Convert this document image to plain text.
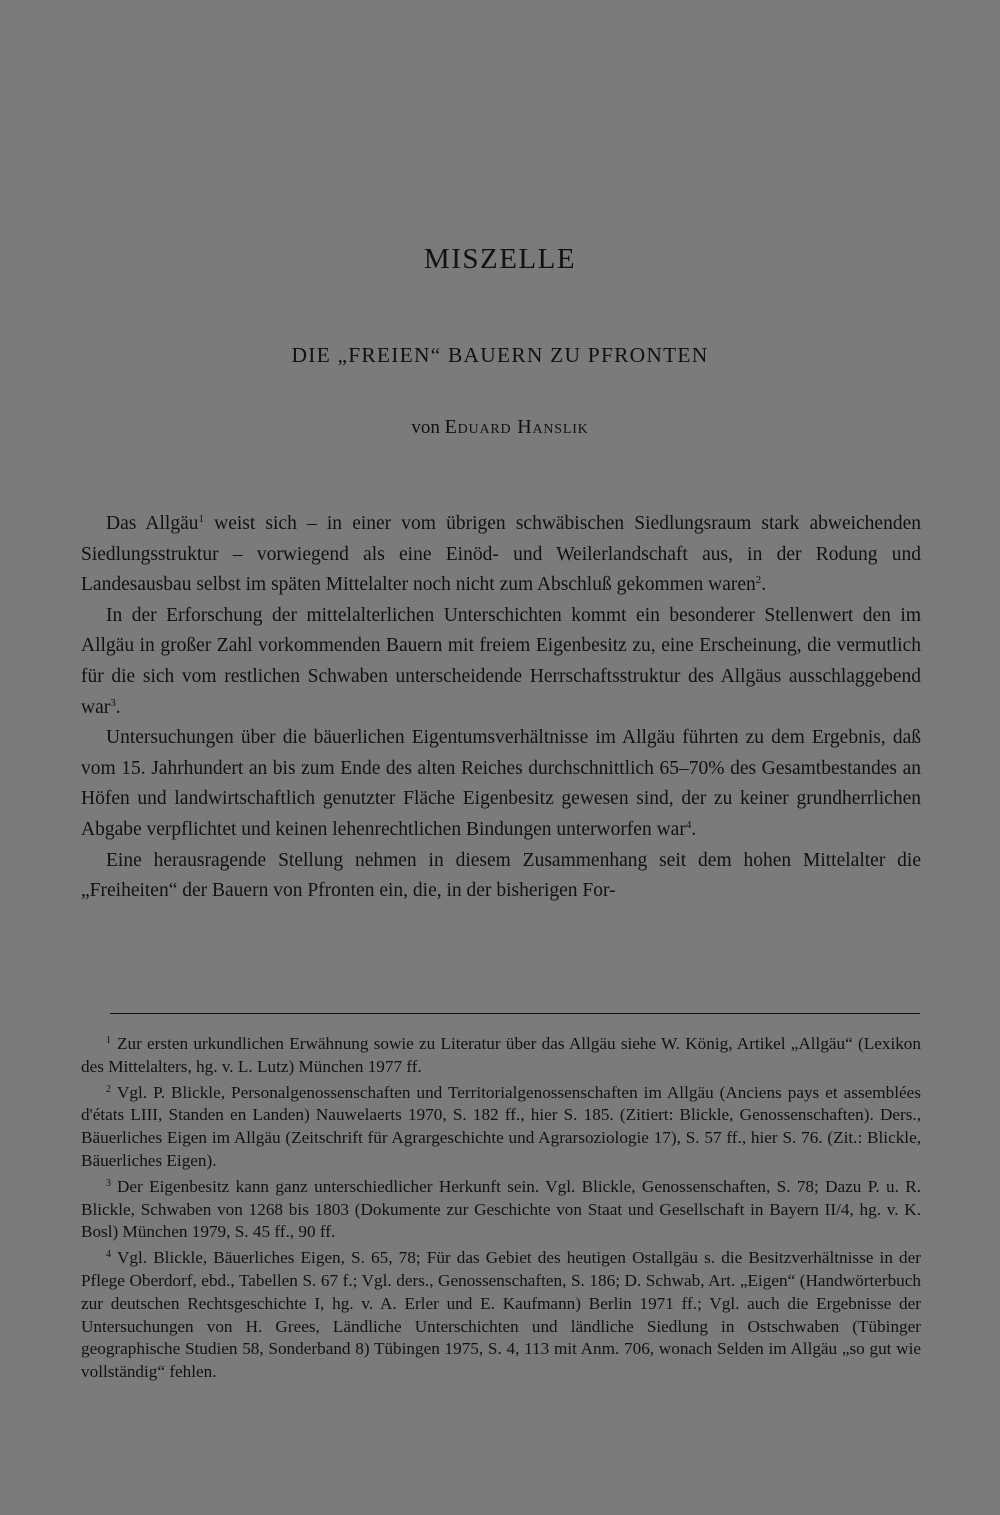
MISZELLE
DIE „FREIEN“ BAUERN ZU PFRONTEN

von Eduard Hanslik

Das Allgäu$^1$ weist sich – in einer vom übrigen schwäbischen Siedlungsraum stark abweichenden Siedlungsstruktur – vorwiegend als eine Einöd- und Weilerlandschaft aus, in der Rodung und Landesausbau selbst im späten Mittelalter noch nicht zum Abschluß gekommen waren$^2$.

In der Erforschung der mittelalterlichen Unterschichten kommt ein besonderer Stellenwert den im Allgäu in großer Zahl vorkommenden Bauern mit freiem Eigenbesitz zu, eine Erscheinung, die vermutlich für die sich vom restlichen Schwaben unterscheidende Herrschaftsstruktur des Allgäus ausschlaggebend war$^3$.

Untersuchungen über die bäuerlichen Eigentumsverhältnisse im Allgäu führten zu dem Ergebnis, daß vom 15. Jahrhundert an bis zum Ende des alten Reiches durchschnittlich 65–70% des Gesamtbestandes an Höfen und landwirtschaftlich genutzter Fläche Eigenbesitz gewesen sind, der zu keiner grundherrlichen Abgabe verpflichtet und keinen lehenrechtlichen Bindungen unterworfen war$^4$.

Eine herausragende Stellung nehmen in diesem Zusammenhang seit dem hohen Mittelalter die „Freiheiten“ der Bauern von Pfronten ein, die, in der bisherigen For-

$^1$ Zur ersten urkundlichen Erwähnung sowie zu Literatur über das Allgäu siehe W. König, Artikel „Allgäu“ (Lexikon des Mittelalters, hg. v. L. Lutz) München 1977 ff.

$^2$ Vgl. P. Blickle, Personalgenossenschaften und Territorialgenossenschaften im Allgäu (Anciens pays et assemblées d'états LIII, Standen en Landen) Nauwelaerts 1970, S. 182 ff., hier S. 185. (Zitiert: Blickle, Genossenschaften). Ders., Bäuerliches Eigen im Allgäu (Zeitschrift für Agrargeschichte und Agrarsoziologie 17), S. 57 ff., hier S. 76. (Zit.: Blickle, Bäuerliches Eigen).

$^3$ Der Eigenbesitz kann ganz unterschiedlicher Herkunft sein. Vgl. Blickle, Genossenschaften, S. 78; Dazu P. u. R. Blickle, Schwaben von 1268 bis 1803 (Dokumente zur Geschichte von Staat und Gesellschaft in Bayern II/4, hg. v. K. Bosl) München 1979, S. 45 ff., 90 ff.

$^4$ Vgl. Blickle, Bäuerliches Eigen, S. 65, 78; Für das Gebiet des heutigen Ostallgäu s. die Besitzverhältnisse in der Pflege Oberdorf, ebd., Tabellen S. 67 f.; Vgl. ders., Genossenschaften, S. 186; D. Schwab, Art. „Eigen“ (Handwörterbuch zur deutschen Rechtsgeschichte I, hg. v. A. Erler und E. Kaufmann) Berlin 1971 ff.; Vgl. auch die Ergebnisse der Untersuchungen von H. Grees, Ländliche Unterschichten und ländliche Siedlung in Ostschwaben (Tübinger geographische Studien 58, Sonderband 8) Tübingen 1975, S. 4, 113 mit Anm. 706, wonach Selden im Allgäu „so gut wie vollständig“ fehlen.
